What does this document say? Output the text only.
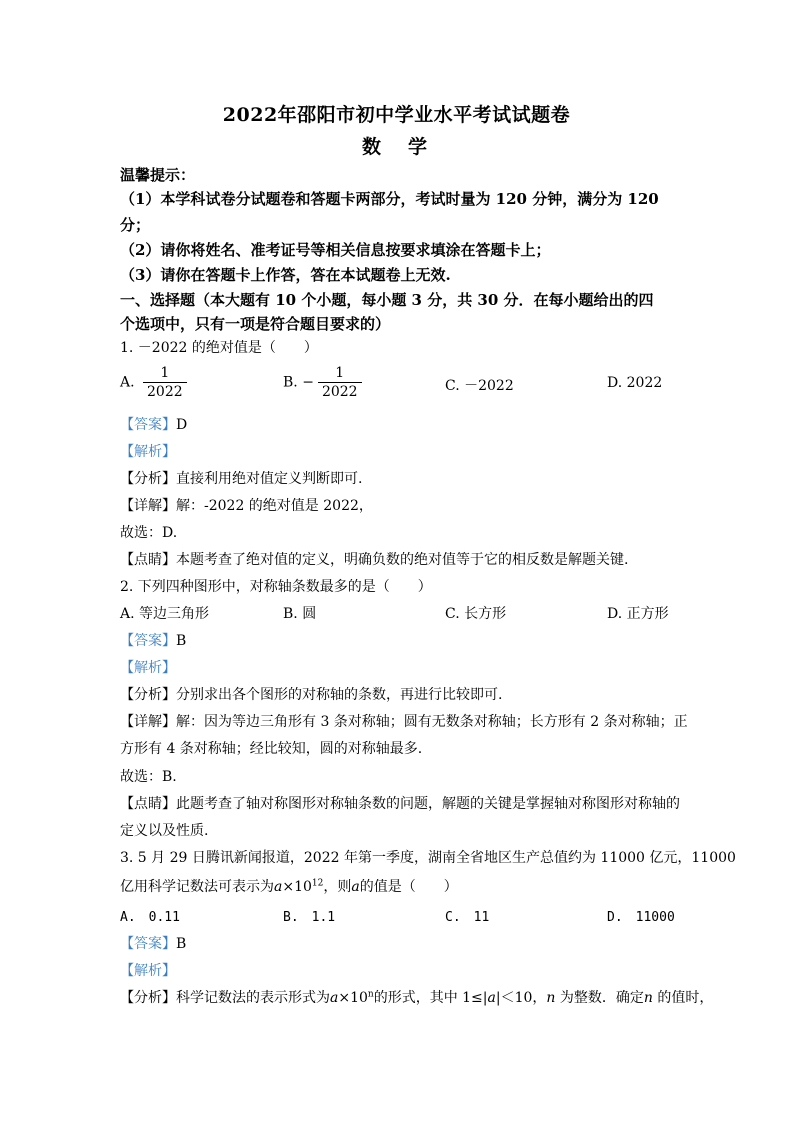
2022年邵阳市初中学业水平考试试题卷
数　学
温馨提示：
（1）本学科试卷分试题卷和答题卡两部分，考试时量为 120 分钟，满分为 120
分；
（2）请你将姓名、准考证号等相关信息按要求填涂在答题卡上；
（3）请你在答题卡上作答，答在本试题卷上无效.
一、选择题（本大题有 10 个小题，每小题 3 分，共 30 分．在每小题给出的四
个选项中，只有一项是符合题目要求的）
1. －2022 的绝对值是（　　）
A. $\frac{1}{2022}$	B. − $\frac{1}{2022}$	C. －2022	D. 2022
【答案】D
【解析】
【分析】直接利用绝对值定义判断即可.
【详解】解：-2022 的绝对值是 2022，
故选：D.
【点睛】本题考查了绝对值的定义，明确负数的绝对值等于它的相反数是解题关键.
2. 下列四种图形中，对称轴条数最多的是（　　）
A. 等边三角形	B. 圆	C. 长方形	D. 正方形
【答案】B
【解析】
【分析】分别求出各个图形的对称轴的条数，再进行比较即可.
【详解】解：因为等边三角形有 3 条对称轴；圆有无数条对称轴；长方形有 2 条对称轴；正
方形有 4 条对称轴；经比较知，圆的对称轴最多.
故选：B.
【点睛】此题考查了轴对称图形对称轴条数的问题，解题的关键是掌握轴对称图形对称轴的
定义以及性质.
3. 5 月 29 日腾讯新闻报道，2022 年第一季度，湖南全省地区生产总值约为 11000 亿元，11000
亿用科学记数法可表示为$a\times 10^{12}$，则a的值是（　　）
A.　0.11	B.　1.1	C.　11	D.　11000
【答案】B
【解析】
【分析】科学记数法的表示形式为$a\times 10^n$的形式，其中 1≤|a|＜10，n 为整数．确定n 的值时，
